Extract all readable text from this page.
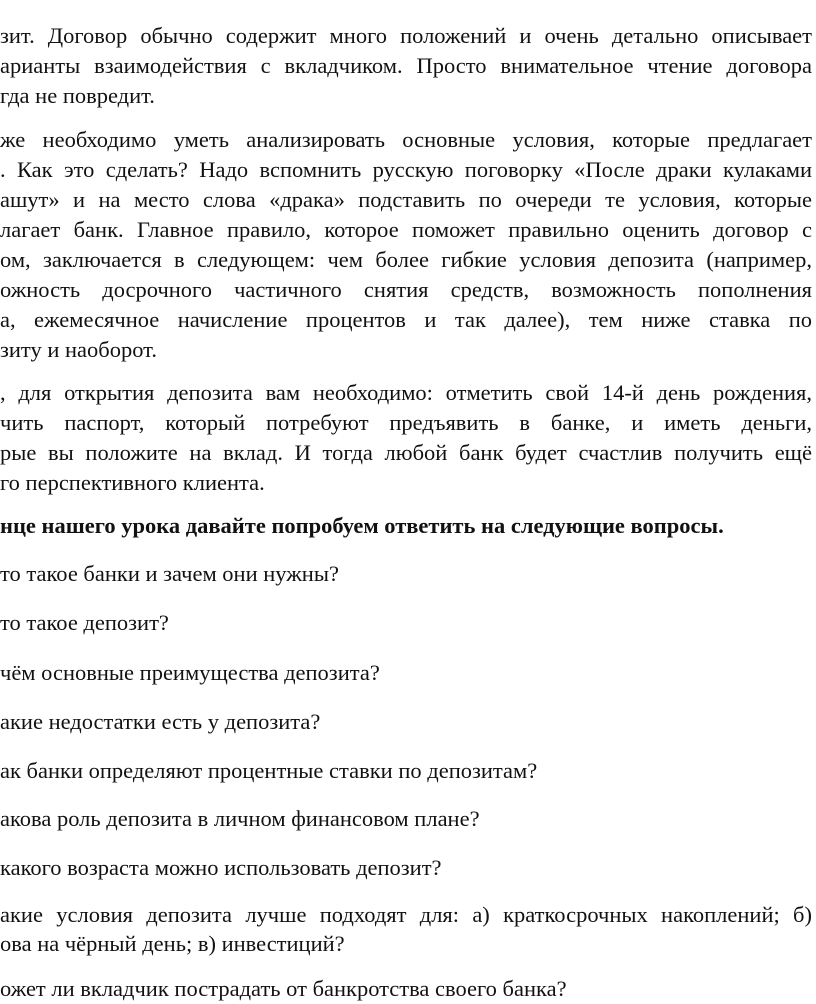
зит. Договор обычно содержит много положений и очень детально описывает

арианты взаимодействия с вкладчиком. Просто внимательное чтение договора

гда не повредит.

же необходимо уметь анализировать основные условия, которые предлагает

. Как это сделать? Надо вспомнить русскую поговорку «После драки кулаками

ашут» и на место слова «драка» подставить по очереди те условия, которые

лагает банк. Главное правило, которое поможет правильно оценить договор с

ом, заключается в следующем: чем более гибкие условия депозита (например,

ожность досрочного частичного снятия средств, возможность пополнения

а, ежемесячное начисление процентов и так далее), тем ниже ставка по

зиту и наоборот.

, для открытия депозита вам необходимо: отметить свой 14-й день рождения,

чить паспорт, который потребуют предъявить в банке, и иметь деньги,

рые вы положите на вклад. И тогда любой банк будет счастлив получить ещё

го перспективного клиента.

нце нашего урока давайте попробуем ответить на следующие вопросы.

то такое банки и зачем они нужны?

то такое депозит?

чём основные преимущества депозита?

акие недостатки есть у депозита?

ак банки определяют процентные ставки по депозитам?

акова роль депозита в личном финансовом плане?

какого возраста можно использовать депозит?

акие условия депозита лучше подходят для: а) краткосрочных накоплений; б)

ова на чёрный день; в) инвестиций?

ожет ли вкладчик пострадать от банкротства своего банка?
